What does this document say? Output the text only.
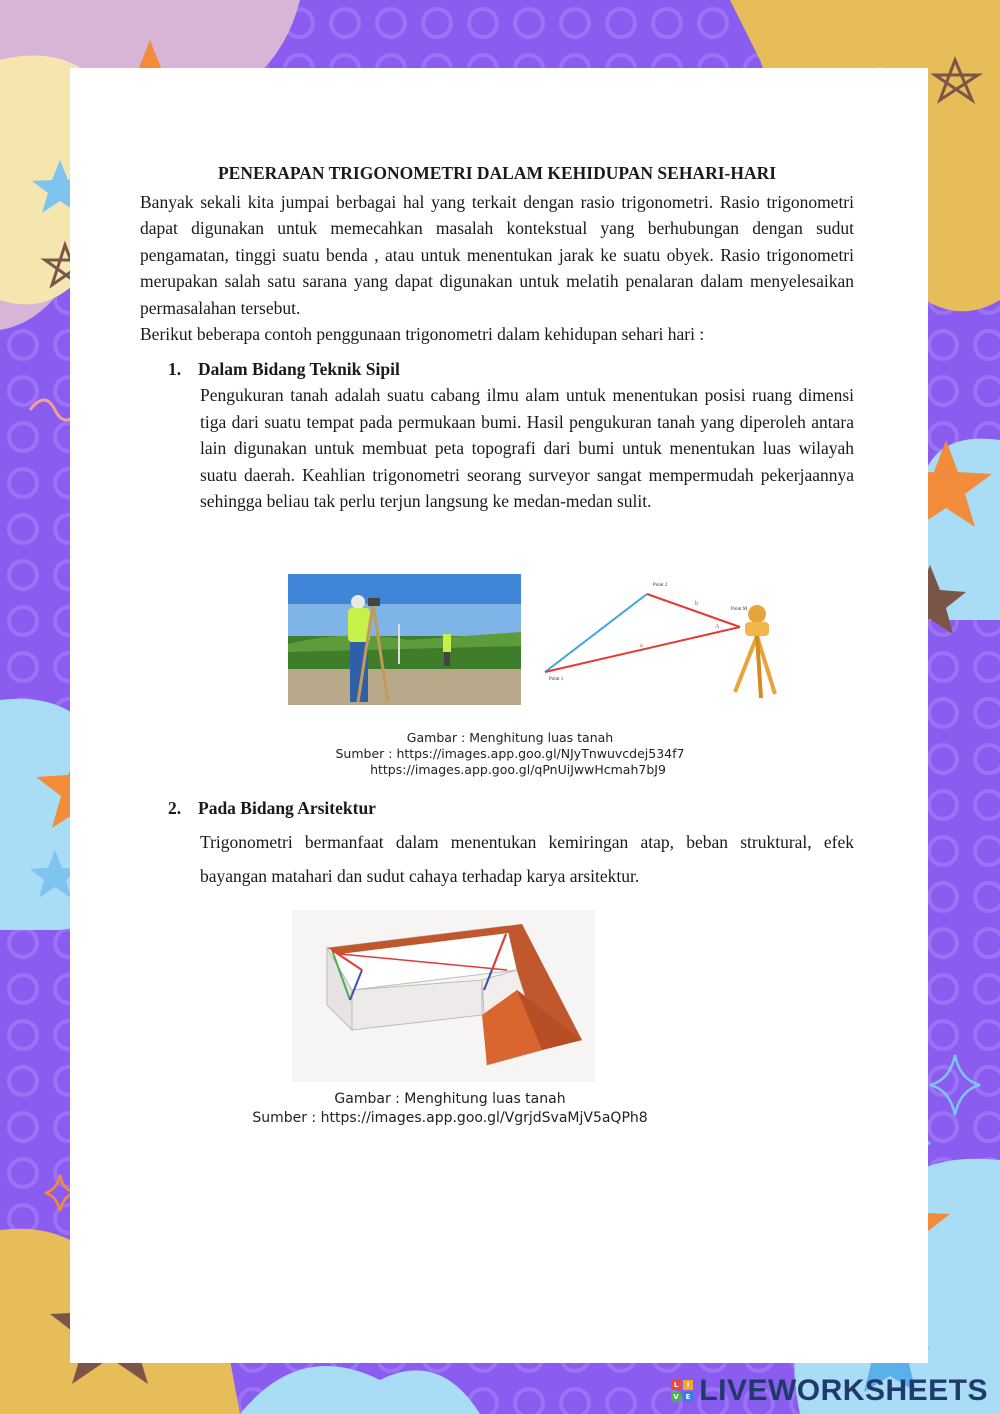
PENERAPAN TRIGONOMETRI DALAM KEHIDUPAN SEHARI-HARI

Banyak sekali kita jumpai berbagai hal yang terkait dengan rasio trigonometri. Rasio trigonometri dapat digunakan untuk memecahkan masalah kontekstual yang berhubungan dengan sudut pengamatan, tinggi suatu benda , atau untuk menentukan jarak ke suatu obyek. Rasio trigonometri merupakan salah satu sarana yang dapat digunakan untuk melatih penalaran dalam menyelesaikan permasalahan tersebut.

Berikut beberapa contoh penggunaan trigonometri dalam kehidupan sehari hari :

1. Dalam Bidang Teknik Sipil

Pengukuran tanah adalah suatu cabang ilmu alam untuk menentukan posisi ruang dimensi tiga dari suatu tempat pada permukaan bumi. Hasil pengukuran tanah yang diperoleh antara lain digunakan untuk membuat peta topografi dari bumi untuk menentukan luas wilayah suatu daerah. Keahlian trigonometri seorang surveyor sangat mempermudah pekerjaannya sehingga beliau tak perlu terjun langsung ke medan-medan sulit.

Point 2
Point 1
Point M
b
a
A
Gambar : Menghitung luas tanah
Sumber : https://images.app.goo.gl/NJyTnwuvcdej534f7
https://images.app.goo.gl/qPnUiJwwHcmah7bJ9
2. Pada Bidang Arsitektur

Trigonometri bermanfaat dalam menentukan kemiringan atap, beban struktural, efek bayangan matahari dan sudut cahaya terhadap karya arsitektur.

Gambar : Menghitung luas tanah
Sumber : https://images.app.goo.gl/VgrjdSvaMjV5aQPh8
L	I
V E LIVEWORKSHEETS
